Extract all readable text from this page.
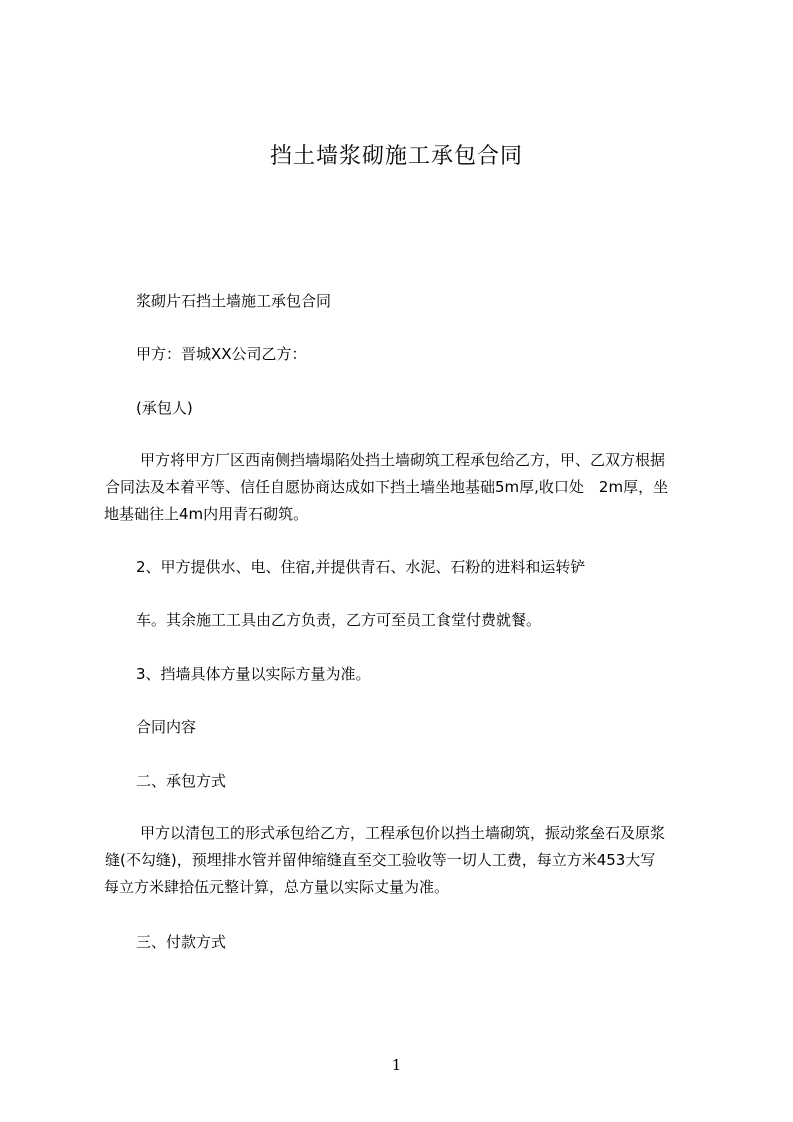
挡土墙浆砌施工承包合同
浆砌片石挡土墙施工承包合同
甲方：晋城XX公司乙方：
(承包人)
甲方将甲方厂区西南侧挡墙塌陷处挡土墙砌筑工程承包给乙方，甲、乙双方根据
合同法及本着平等、信任自愿协商达成如下挡土墙坐地基础5m厚,收口处　2m厚，坐
地基础往上4m内用青石砌筑。
2、甲方提供水、电、住宿,并提供青石、水泥、石粉的进料和运转铲
车。其余施工工具由乙方负责，乙方可至员工食堂付费就餐。
3、挡墙具体方量以实际方量为准。
合同内容
二、承包方式
甲方以清包工的形式承包给乙方，工程承包价以挡土墙砌筑，振动浆垒石及原浆
缝(不勾缝)，预埋排水管并留伸缩缝直至交工验收等一切人工费，每立方米453大写
每立方米肆拾伍元整计算，总方量以实际丈量为准。
三、付款方式
1
